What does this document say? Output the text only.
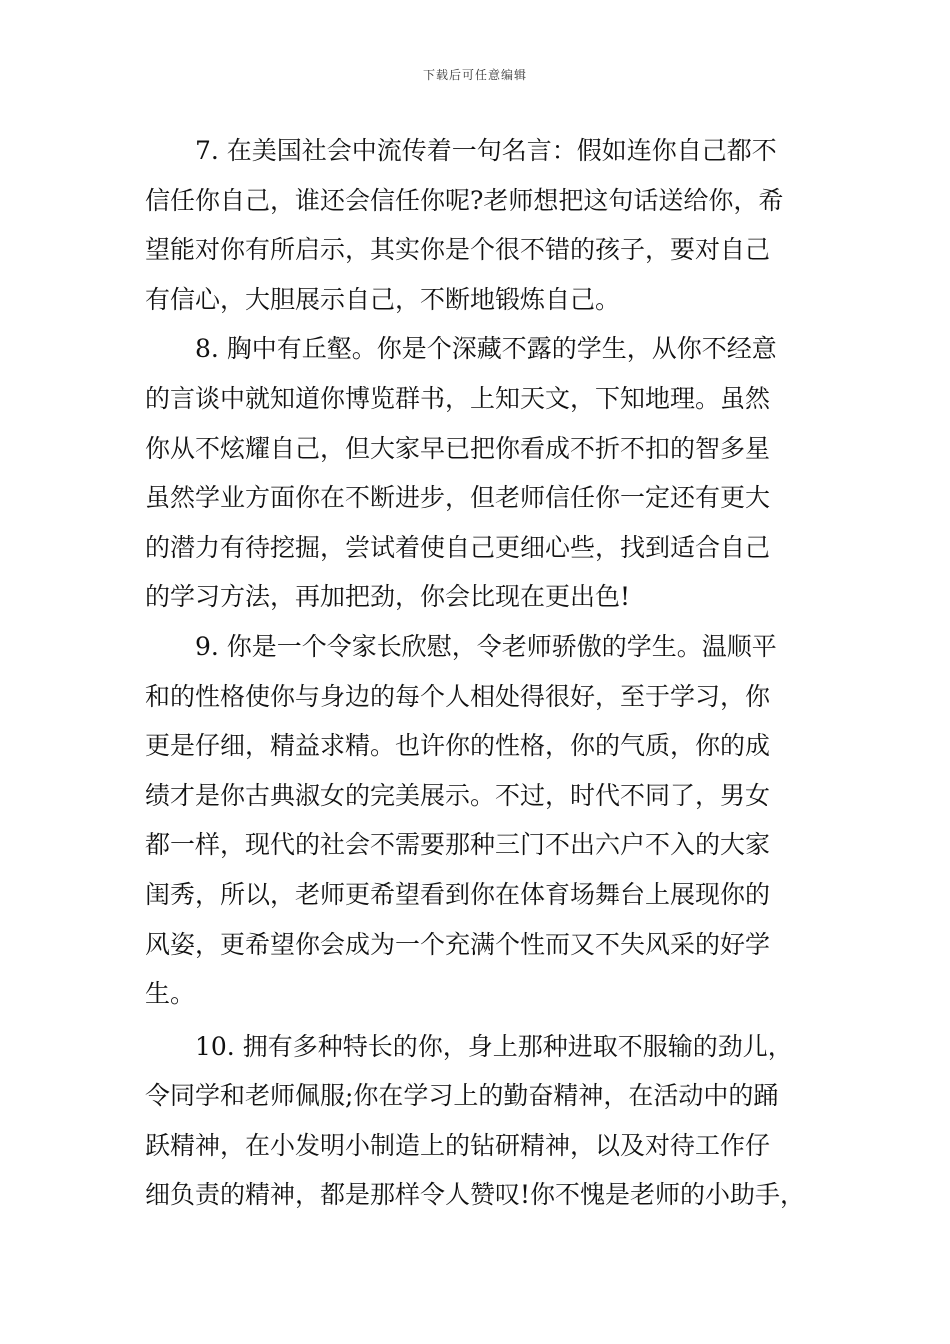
下载后可任意编辑
7. 在美国社会中流传着一句名言：假如连你自己都不
信任你自己，谁还会信任你呢?老师想把这句话送给你，希
望能对你有所启示，其实你是个很不错的孩子，要对自己
有信心，大胆展示自己，不断地锻炼自己。
8. 胸中有丘壑。你是个深藏不露的学生，从你不经意
的言谈中就知道你博览群书，上知天文，下知地理。虽然
你从不炫耀自己，但大家早已把你看成不折不扣的智多星
虽然学业方面你在不断进步，但老师信任你一定还有更大
的潜力有待挖掘，尝试着使自己更细心些，找到适合自己
的学习方法，再加把劲，你会比现在更出色!
9. 你是一个令家长欣慰，令老师骄傲的学生。温顺平
和的性格使你与身边的每个人相处得很好，至于学习，你
更是仔细，精益求精。也许你的性格，你的气质，你的成
绩才是你古典淑女的完美展示。不过，时代不同了，男女
都一样，现代的社会不需要那种三门不出六户不入的大家
闺秀，所以，老师更希望看到你在体育场舞台上展现你的
风姿，更希望你会成为一个充满个性而又不失风采的好学
生。
10. 拥有多种特长的你，身上那种进取不服输的劲儿，
令同学和老师佩服;你在学习上的勤奋精神，在活动中的踊
跃精神，在小发明小制造上的钻研精神，以及对待工作仔
细负责的精神，都是那样令人赞叹!你不愧是老师的小助手，
